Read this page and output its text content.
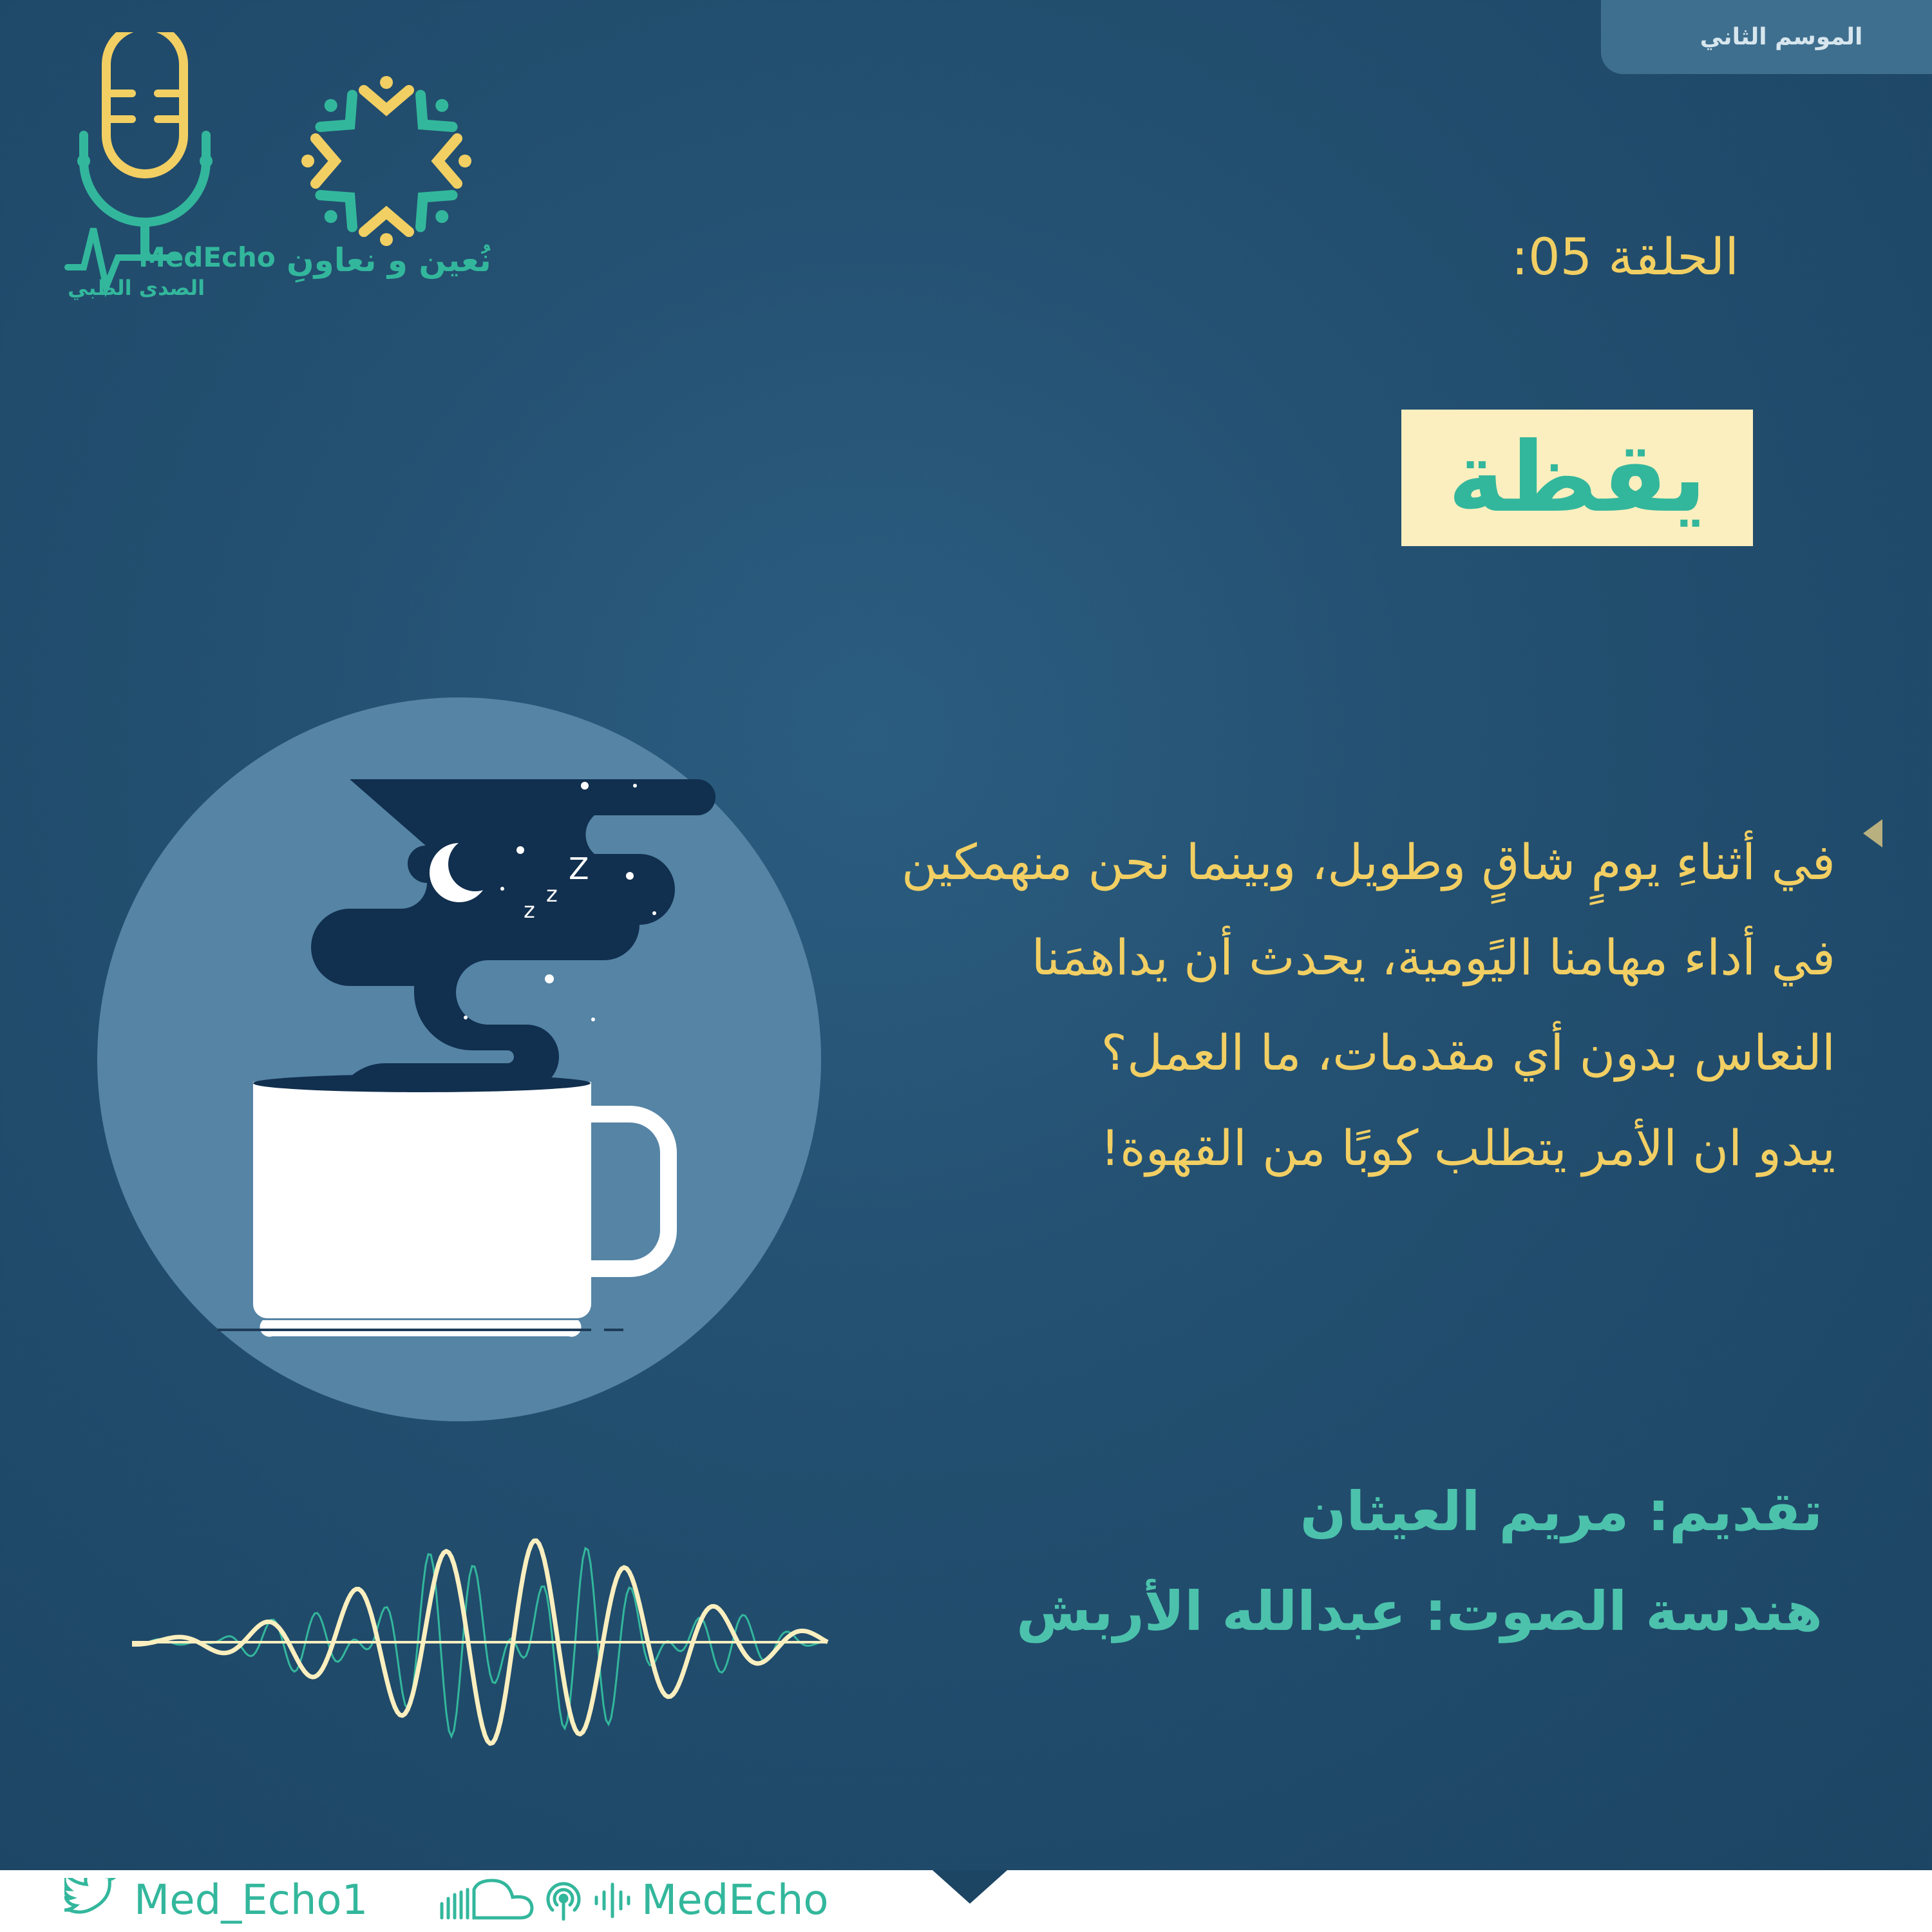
الموسم الثاني
MedEcho
الصدى الطبي
نُعين و نعاونِ	الحلقة 05:
يقظة
في أثناءِ يومٍ شاقٍ وطويل، وبينما نحن منهمكين
في أداء مهامنا اليًومية، يحدث أن يداهمَنا
النعاس بدون أي مقدمات، ما العمل؟
يبدو ان الأمر يتطلب كوبًا من القهوة!
z
z
Z
تقديم: مريم العيثان
هندسة الصوت: عبدالله الأربش
Med_Echo1	MedEcho
